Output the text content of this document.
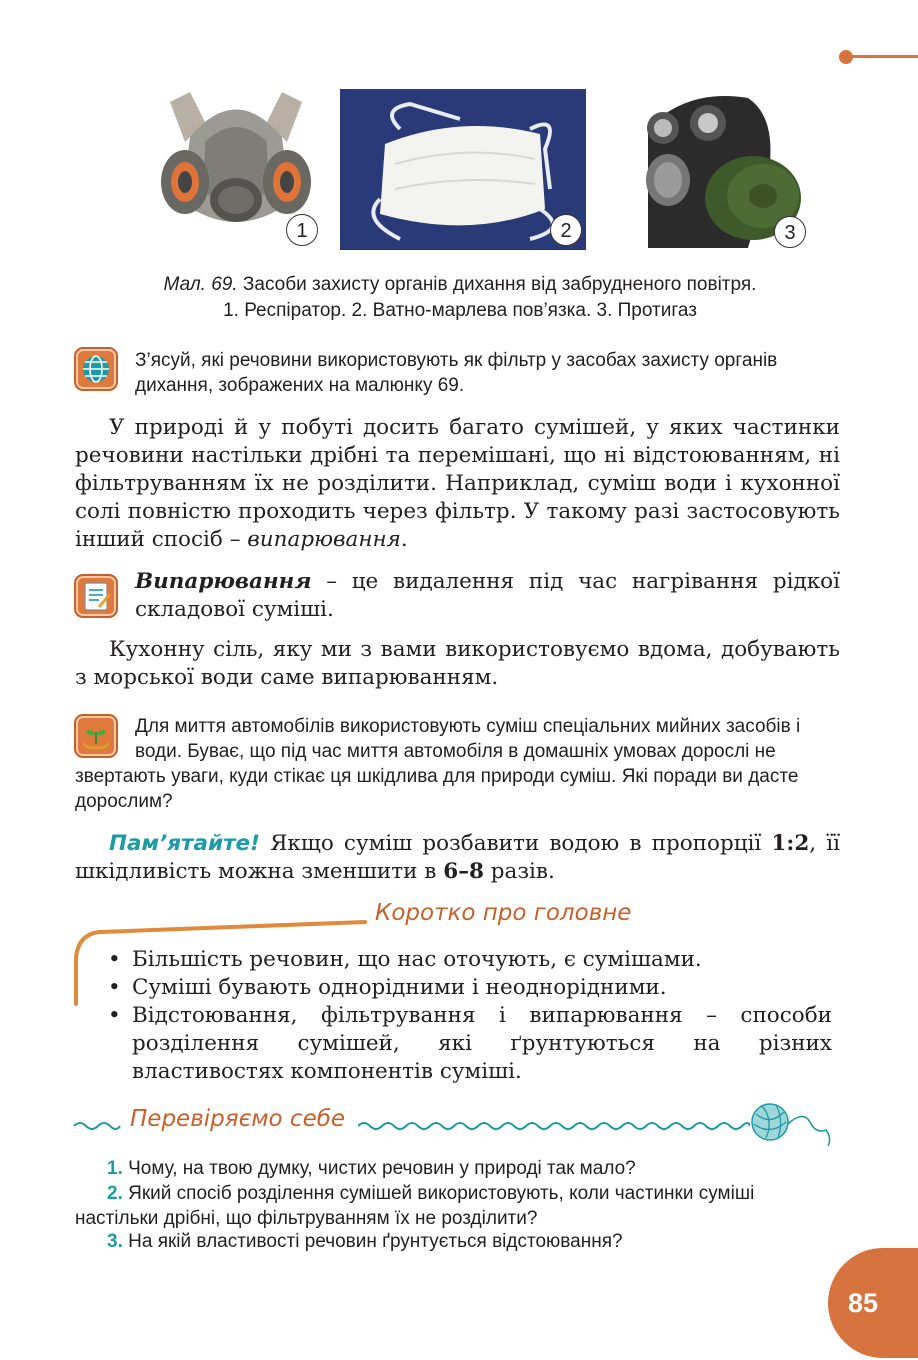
1	2	3
Мал. 69. Засоби захисту органів дихання від забрудненого повітря.
1. Респіратор. 2. Ватно-марлева пов’язка. 3. Протигаз
З’ясуй, які речовини використовують як фільтр у засобах захисту органів дихання, зображених на малюнку 69.
У природі й у побуті досить багато сумішей, у яких частинки речовини настільки дрібні та перемішані, що ні відстоюванням, ні фільтруванням їх не розділити. Наприклад, суміш води і кухонної солі повністю проходить через фільтр. У такому разі застосовують інший спосіб – випарювання.
Випарювання – це видалення під час нагрівання рідкої складової суміші.
Кухонну сіль, яку ми з вами використовуємо вдома, добувають з морської води саме випарюванням.
Для миття автомобілів використовують суміш спеціальних мийних засобів і води. Буває, що під час миття автомобіля в домашніх умовах дорослі не звертають уваги, куди стікає ця шкідлива для природи суміш. Які поради ви дасте дорослим?
Пам’ятайте! Якщо суміш розбавити водою в пропорції 1:2, її шкідливість можна зменшити в 6–8 разів.
Коротко про головне
• Більшість речовин, що нас оточують, є сумішами.
• Суміші бувають однорідними і неоднорідними.
• Відстоювання, фільтрування і випарювання – способи розділення сумішей, які ґрунтуються на різних властивостях компонентів суміші.
Перевіряємо себе
1. Чому, на твою думку, чистих речовин у природі так мало?
2. Який спосіб розділення сумішей використовують, коли частинки суміші настільки дрібні, що фільтруванням їх не розділити?
3. На якій властивості речовин ґрунтується відстоювання?
85
